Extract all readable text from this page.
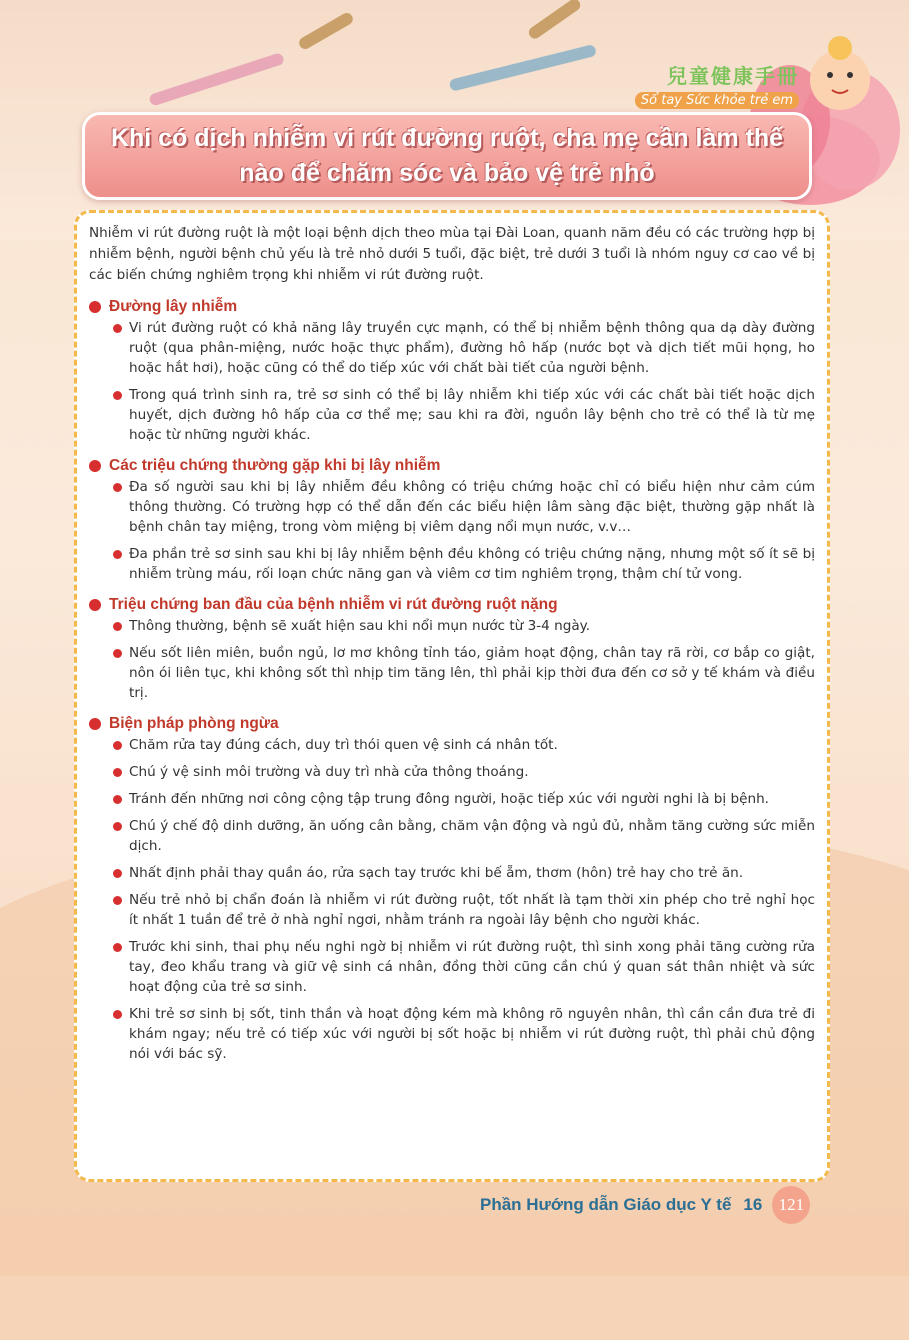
兒童健康手冊
Sổ tay Sức khỏe trẻ em
Khi có dịch nhiễm vi rút đường ruột, cha mẹ cần làm thế nào để chăm sóc và bảo vệ trẻ nhỏ
Nhiễm vi rút đường ruột là một loại bệnh dịch theo mùa tại Đài Loan, quanh năm đều có các trường hợp bị nhiễm bệnh, người bệnh chủ yếu là trẻ nhỏ dưới 5 tuổi, đặc biệt, trẻ dưới 3 tuổi là nhóm nguy cơ cao về bị các biến chứng nghiêm trọng khi nhiễm vi rút đường ruột.
Đường lây nhiễm
Vi rút đường ruột có khả năng lây truyền cực mạnh, có thể bị nhiễm bệnh thông qua dạ dày đường ruột (qua phân-miệng, nước hoặc thực phẩm), đường hô hấp (nước bọt và dịch tiết mũi họng, ho hoặc hắt hơi), hoặc cũng có thể do tiếp xúc với chất bài tiết của người bệnh.
Trong quá trình sinh ra, trẻ sơ sinh có thể bị lây nhiễm khi tiếp xúc với các chất bài tiết hoặc dịch huyết, dịch đường hô hấp của cơ thể mẹ; sau khi ra đời, nguồn lây bệnh cho trẻ có thể là từ mẹ hoặc từ những người khác.
Các triệu chứng thường gặp khi bị lây nhiễm
Đa số người sau khi bị lây nhiễm đều không có triệu chứng hoặc chỉ có biểu hiện như cảm cúm thông thường. Có trường hợp có thể dẫn đến các biểu hiện lâm sàng đặc biệt, thường gặp nhất là bệnh chân tay miệng, trong vòm miệng bị viêm dạng nổi mụn nước, v.v…
Đa phần trẻ sơ sinh sau khi bị lây nhiễm bệnh đều không có triệu chứng nặng, nhưng một số ít sẽ bị nhiễm trùng máu, rối loạn chức năng gan và viêm cơ tim nghiêm trọng, thậm chí tử vong.
Triệu chứng ban đầu của bệnh nhiễm vi rút đường ruột nặng
Thông thường, bệnh sẽ xuất hiện sau khi nổi mụn nước từ 3-4 ngày.
Nếu sốt liên miên, buồn ngủ, lơ mơ không tỉnh táo, giảm hoạt động, chân tay rã rời, cơ bắp co giật, nôn ói liên tục, khi không sốt thì nhịp tim tăng lên, thì phải kịp thời đưa đến cơ sở y tế khám và điều trị.
Biện pháp phòng ngừa
Chăm rửa tay đúng cách, duy trì thói quen vệ sinh cá nhân tốt.
Chú ý vệ sinh môi trường và duy trì nhà cửa thông thoáng.
Tránh đến những nơi công cộng tập trung đông người, hoặc tiếp xúc với người nghi là bị bệnh.
Chú ý chế độ dinh dưỡng, ăn uống cân bằng, chăm vận động và ngủ đủ, nhằm tăng cường sức miễn dịch.
Nhất định phải thay quần áo, rửa sạch tay trước khi bế ẵm, thơm (hôn) trẻ hay cho trẻ ăn.
Nếu trẻ nhỏ bị chẩn đoán là nhiễm vi rút đường ruột, tốt nhất là tạm thời xin phép cho trẻ nghỉ học ít nhất 1 tuần để trẻ ở nhà nghỉ ngơi, nhằm tránh ra ngoài lây bệnh cho người khác.
Trước khi sinh, thai phụ nếu nghi ngờ bị nhiễm vi rút đường ruột, thì sinh xong phải tăng cường rửa tay, đeo khẩu trang và giữ vệ sinh cá nhân, đồng thời cũng cần chú ý quan sát thân nhiệt và sức hoạt động của trẻ sơ sinh.
Khi trẻ sơ sinh bị sốt, tinh thần và hoạt động kém mà không rõ nguyên nhân, thì cần cần đưa trẻ đi khám ngay; nếu trẻ có tiếp xúc với người bị sốt hoặc bị nhiễm vi rút đường ruột, thì phải chủ động nói với bác sỹ.
Phần Hướng dẫn Giáo dục Y tế 16 121
